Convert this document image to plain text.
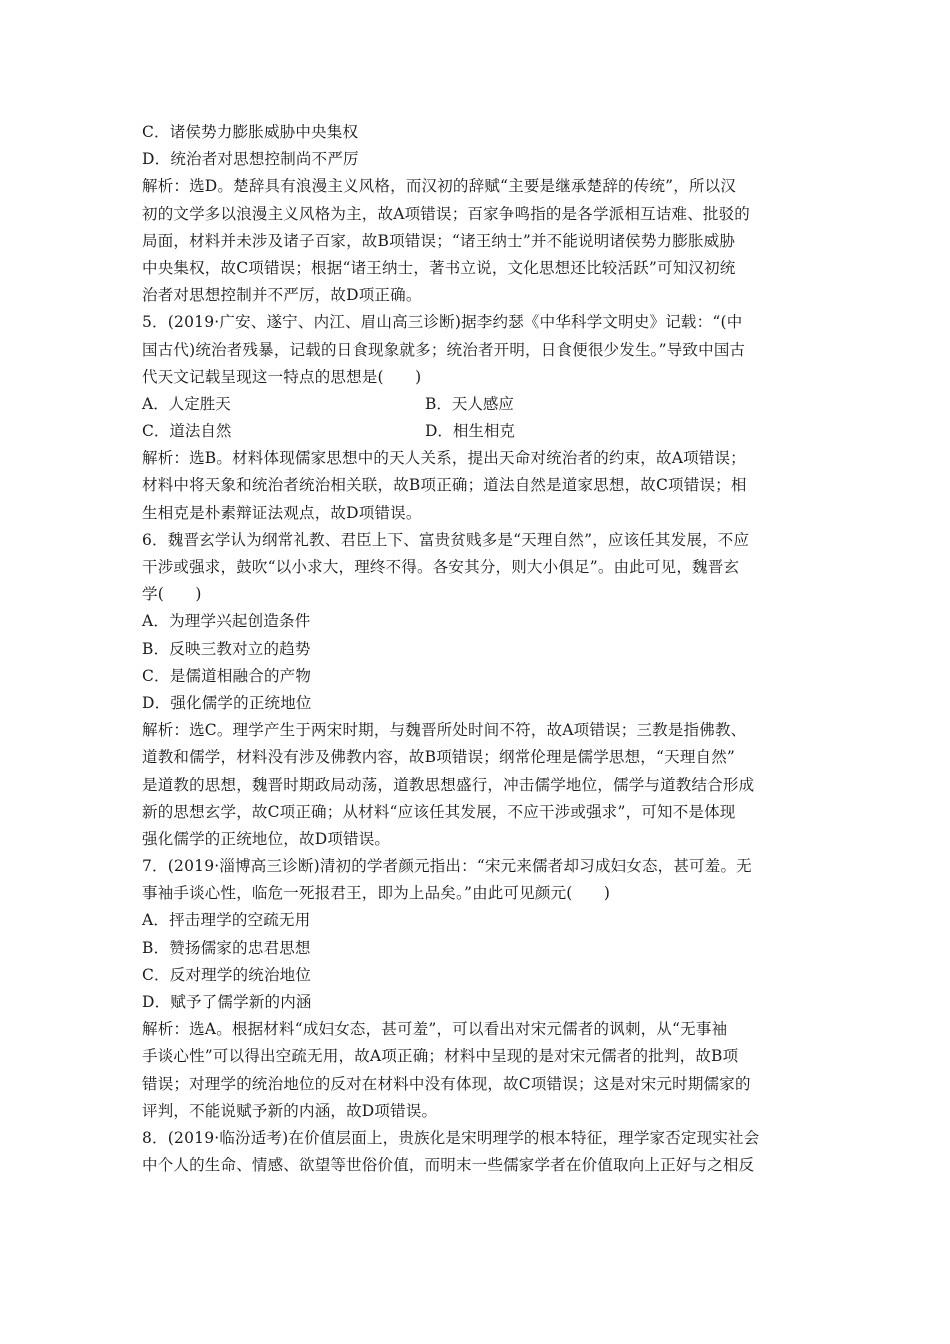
C．诸侯势力膨胀威胁中央集权
D．统治者对思想控制尚不严厉
解析：选D。楚辞具有浪漫主义风格，而汉初的辞赋“主要是继承楚辞的传统”，所以汉
初的文学多以浪漫主义风格为主，故A项错误；百家争鸣指的是各学派相互诘难、批驳的
局面，材料并未涉及诸子百家，故B项错误；“诸王纳士”并不能说明诸侯势力膨胀威胁
中央集权，故C项错误；根据“诸王纳士，著书立说，文化思想还比较活跃”可知汉初统
治者对思想控制并不严厉，故D项正确。
5．(2019·广安、遂宁、内江、眉山高三诊断)据李约瑟《中华科学文明史》记载：“(中
国古代)统治者残暴，记载的日食现象就多；统治者开明，日食便很少发生。”导致中国古
代天文记载呈现这一特点的思想是(　　)
A．人定胜天	B．天人感应
C．道法自然	D．相生相克
解析：选B。材料体现儒家思想中的天人关系，提出天命对统治者的约束，故A项错误；
材料中将天象和统治者统治相关联，故B项正确；道法自然是道家思想，故C项错误；相
生相克是朴素辩证法观点，故D项错误。
6．魏晋玄学认为纲常礼教、君臣上下、富贵贫贱多是“天理自然”，应该任其发展，不应
干涉或强求，鼓吹“以小求大，理终不得。各安其分，则大小俱足”。由此可见，魏晋玄
学(　　)
A．为理学兴起创造条件
B．反映三教对立的趋势
C．是儒道相融合的产物
D．强化儒学的正统地位
解析：选C。理学产生于两宋时期，与魏晋所处时间不符，故A项错误；三教是指佛教、
道教和儒学，材料没有涉及佛教内容，故B项错误；纲常伦理是儒学思想，“天理自然”
是道教的思想，魏晋时期政局动荡，道教思想盛行，冲击儒学地位，儒学与道教结合形成
新的思想玄学，故C项正确；从材料“应该任其发展，不应干涉或强求”，可知不是体现
强化儒学的正统地位，故D项错误。
7．(2019·淄博高三诊断)清初的学者颜元指出：“宋元来儒者却习成妇女态，甚可羞。无
事袖手谈心性，临危一死报君王，即为上品矣。”由此可见颜元(　　)
A．抨击理学的空疏无用
B．赞扬儒家的忠君思想
C．反对理学的统治地位
D．赋予了儒学新的内涵
解析：选A。根据材料“成妇女态，甚可羞”，可以看出对宋元儒者的讽刺，从“无事袖
手谈心性”可以得出空疏无用，故A项正确；材料中呈现的是对宋元儒者的批判，故B项
错误；对理学的统治地位的反对在材料中没有体现，故C项错误；这是对宋元时期儒家的
评判，不能说赋予新的内涵，故D项错误。
8．(2019·临汾适考)在价值层面上，贵族化是宋明理学的根本特征，理学家否定现实社会
中个人的生命、情感、欲望等世俗价值，而明末一些儒家学者在价值取向上正好与之相反
